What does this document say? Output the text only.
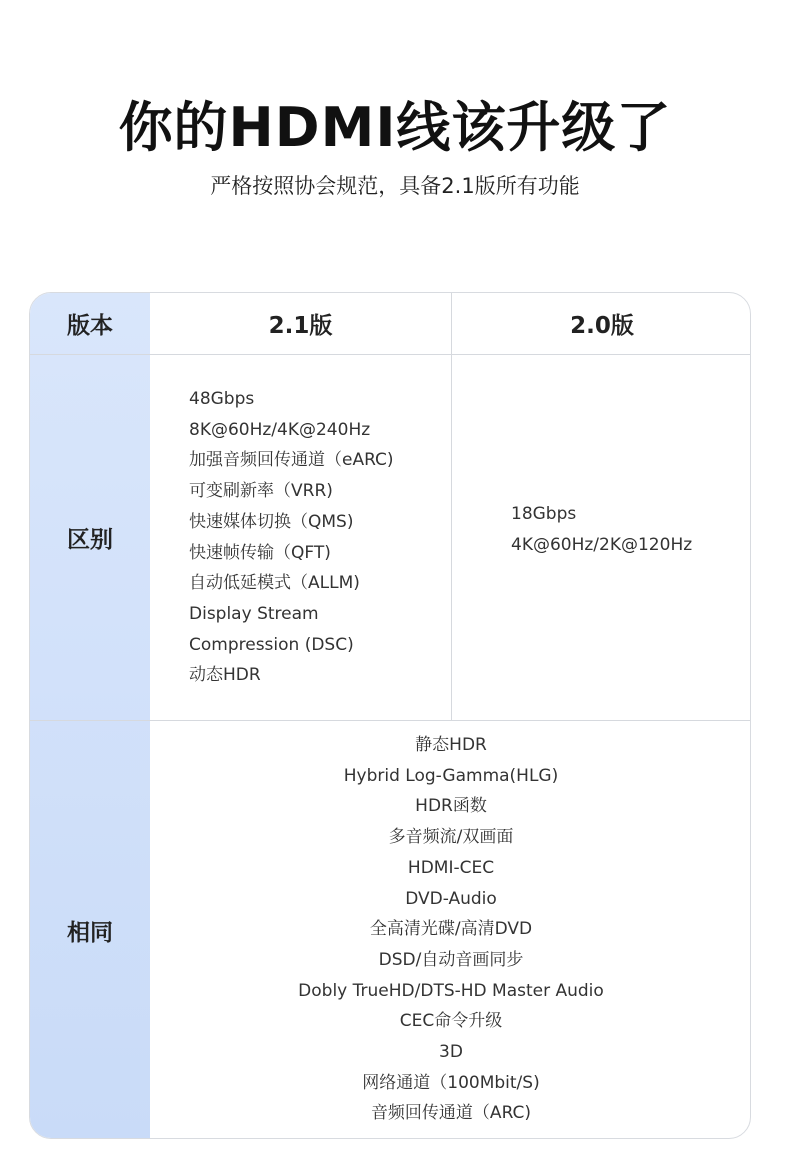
你的HDMI线该升级了
严格按照协会规范，具备2.1版所有功能
版本
区别
相同
2.1版	2.0版
48Gbps
8K@60Hz/4K@240Hz
加强音频回传通道（eARC)
可变刷新率（VRR)
快速媒体切换（QMS)
快速帧传输（QFT)
自动低延模式（ALLM)
Display Stream
Compression (DSC)
动态HDR
18Gbps
4K@60Hz/2K@120Hz
静态HDR
Hybrid Log-Gamma(HLG)
HDR函数
多音频流/双画面
HDMI-CEC
DVD-Audio
全高清光碟/高清DVD
DSD/自动音画同步
Dobly TrueHD/DTS-HD Master Audio
CEC命令升级
3D
网络通道（100Mbit/S)
音频回传通道（ARC)
